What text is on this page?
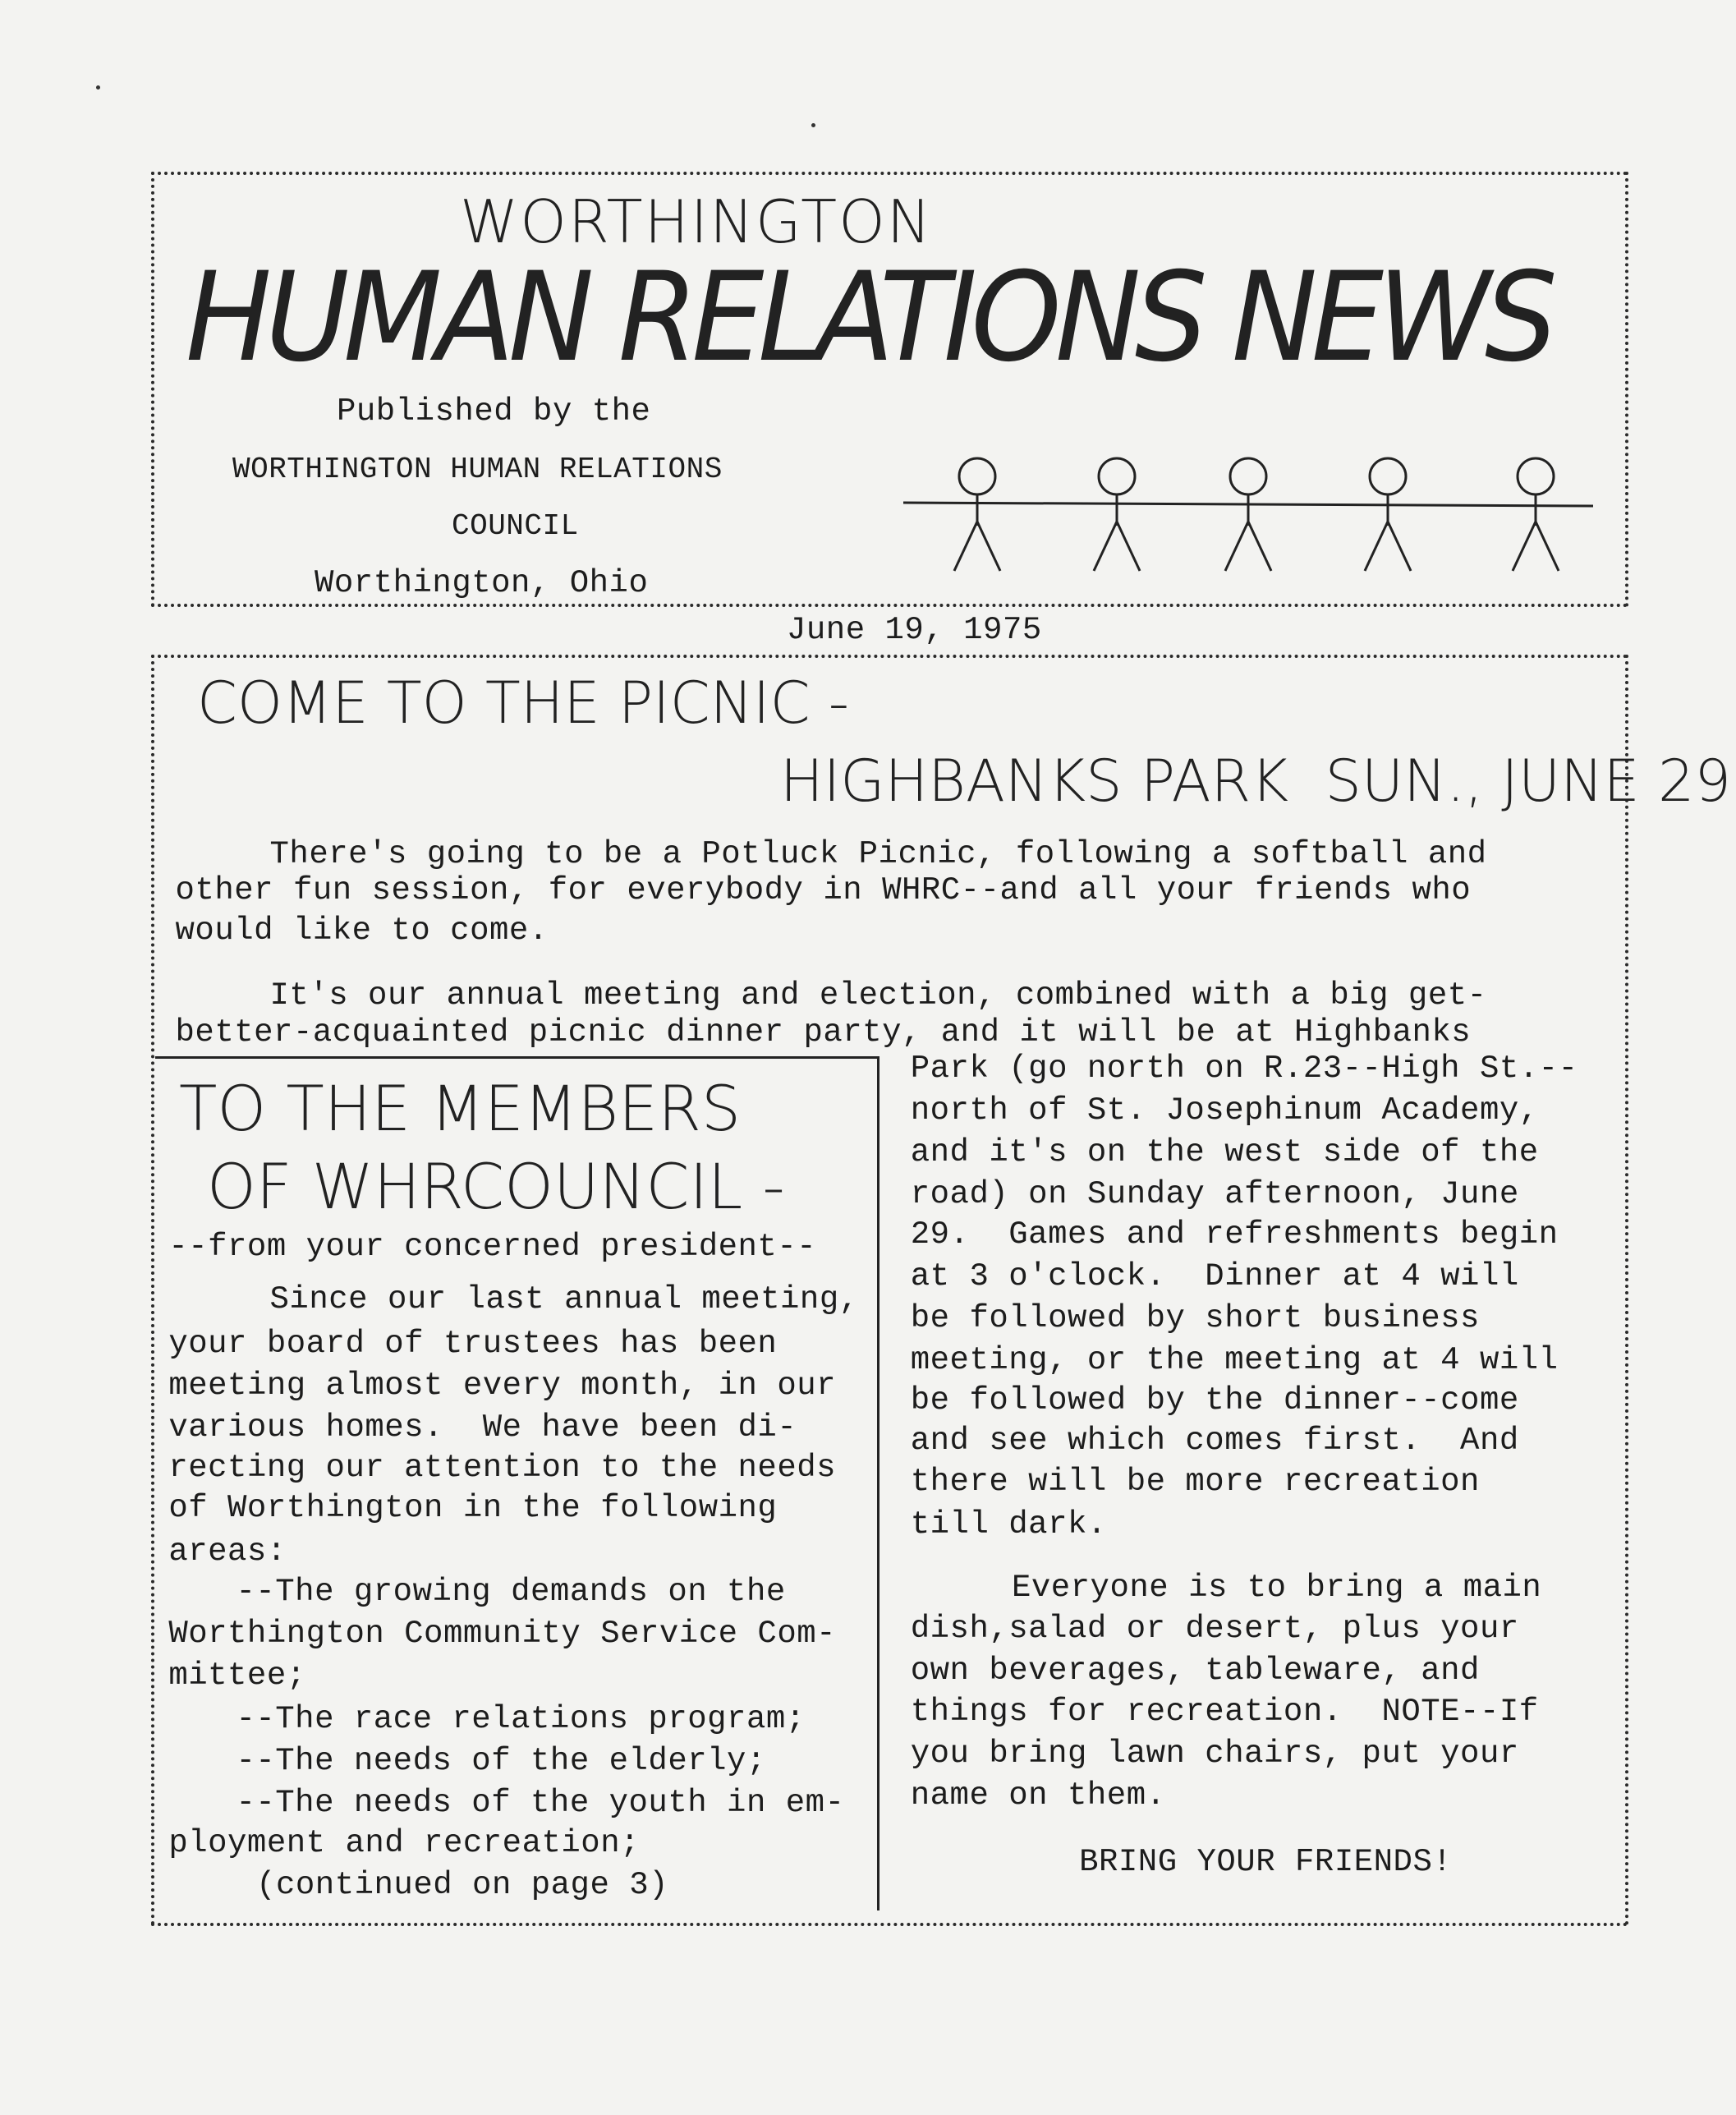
WORTHINGTON
HUMAN RELATIONS NEWS
Published by the
WORTHINGTON HUMAN RELATIONS
COUNCIL
Worthington, Ohio
June 19, 1975
COME TO THE PICNIC -
HIGHBANKS PARK  SUN., JUNE 29
There's going to be a Potluck Picnic, following a softball and
other fun session, for everybody in WHRC--and all your friends who
would like to come.
It's our annual meeting and election, combined with a big get-
better-acquainted picnic dinner party, and it will be at Highbanks
TO THE MEMBERS
OF WHRCOUNCIL -
--from your concerned president--
Since our last annual meeting,
your board of trustees has been
meeting almost every month, in our
various homes.  We have been di-
recting our attention to the needs
of Worthington in the following
areas:
--The growing demands on the
Worthington Community Service Com-
mittee;
--The race relations program;
--The needs of the elderly;
--The needs of the youth in em-
ployment and recreation;
(continued on page 3)
Park (go north on R.23--High St.--
north of St. Josephinum Academy,
and it's on the west side of the
road) on Sunday afternoon, June
29.  Games and refreshments begin
at 3 o'clock.  Dinner at 4 will
be followed by short business
meeting, or the meeting at 4 will
be followed by the dinner--come
and see which comes first.  And
there will be more recreation
till dark.
Everyone is to bring a main
dish,salad or desert, plus your
own beverages, tableware, and
things for recreation.  NOTE--If
you bring lawn chairs, put your
name on them.
BRING YOUR FRIENDS!
